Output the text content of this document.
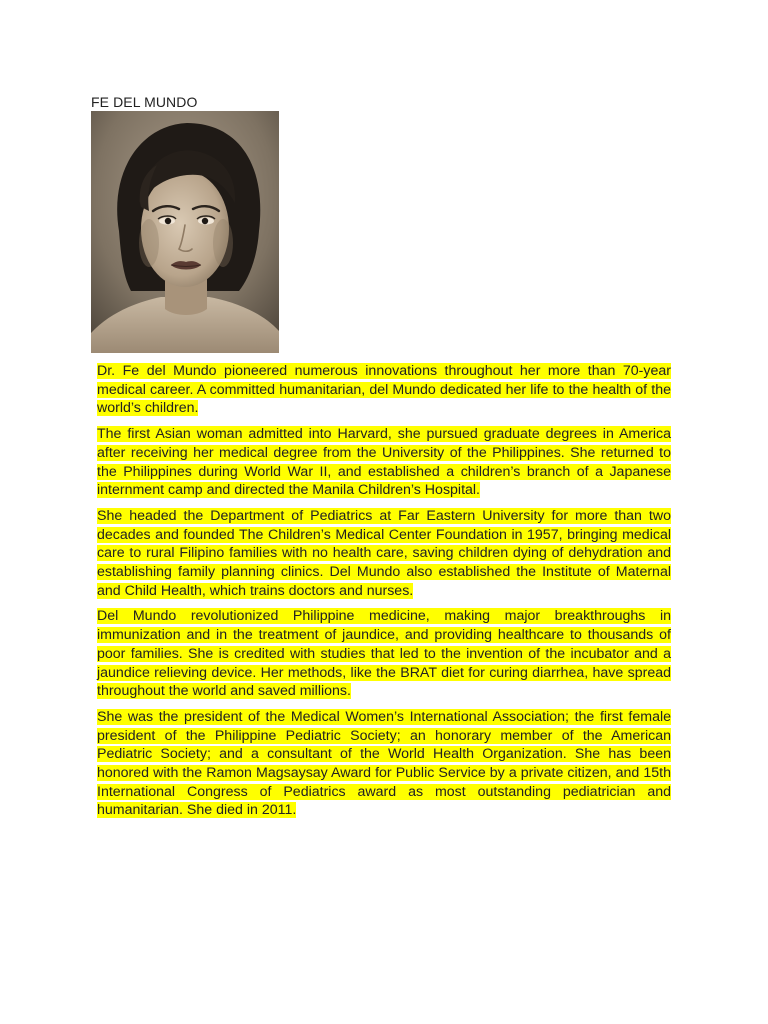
FE DEL MUNDO

Dr. Fe del Mundo pioneered numerous innovations throughout her more than 70-year medical career. A committed humanitarian, del Mundo dedicated her life to the health of the world’s children.

The first Asian woman admitted into Harvard, she pursued graduate degrees in America after receiving her medical degree from the University of the Philippines. She returned to the Philippines during World War II, and established a children’s branch of a Japanese internment camp and directed the Manila Children’s Hospital.

She headed the Department of Pediatrics at Far Eastern University for more than two decades and founded The Children’s Medical Center Foundation in 1957, bringing medical care to rural Filipino families with no health care, saving children dying of dehydration and establishing family planning clinics. Del Mundo also established the Institute of Maternal and Child Health, which trains doctors and nurses.

Del Mundo revolutionized Philippine medicine, making major breakthroughs in immunization and in the treatment of jaundice, and providing healthcare to thousands of poor families. She is credited with studies that led to the invention of the incubator and a jaundice relieving device. Her methods, like the BRAT diet for curing diarrhea, have spread throughout the world and saved millions.

She was the president of the Medical Women’s International Association; the first female president of the Philippine Pediatric Society; an honorary member of the American Pediatric Society; and a consultant of the World Health Organization. She has been honored with the Ramon Magsaysay Award for Public Service by a private citizen, and 15th International Congress of Pediatrics award as most outstanding pediatrician and humanitarian. She died in 2011.
